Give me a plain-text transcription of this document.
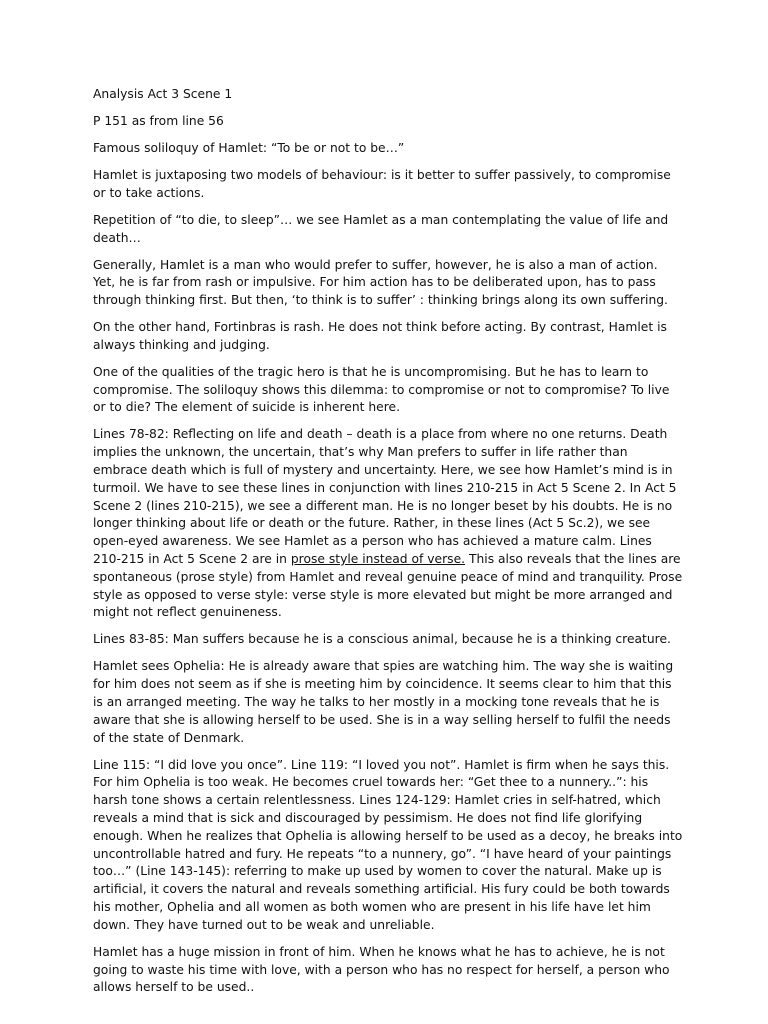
Analysis Act 3 Scene 1

P 151 as from line 56

Famous soliloquy of Hamlet: “To be or not to be…”

Hamlet is juxtaposing two models of behaviour: is it better to suffer passively, to compromise or to take actions.

Repetition of “to die, to sleep”… we see Hamlet as a man contemplating the value of life and death…

Generally, Hamlet is a man who would prefer to suffer, however, he is also a man of action. Yet, he is far from rash or impulsive. For him action has to be deliberated upon, has to pass through thinking first. But then, ‘to think is to suffer’ : thinking brings along its own suffering.

On the other hand, Fortinbras is rash. He does not think before acting. By contrast, Hamlet is always thinking and judging.

One of the qualities of the tragic hero is that he is uncompromising. But he has to learn to compromise. The soliloquy shows this dilemma: to compromise or not to compromise? To live or to die? The element of suicide is inherent here.

Lines 78-82: Reflecting on life and death – death is a place from where no one returns. Death implies the unknown, the uncertain, that’s why Man prefers to suffer in life rather than embrace death which is full of mystery and uncertainty. Here, we see how Hamlet’s mind is in turmoil. We have to see these lines in conjunction with lines 210-215 in Act 5 Scene 2. In Act 5 Scene 2 (lines 210-215), we see a different man. He is no longer beset by his doubts. He is no longer thinking about life or death or the future. Rather, in these lines (Act 5 Sc.2), we see open-eyed awareness. We see Hamlet as a person who has achieved a mature calm. Lines 210-215 in Act 5 Scene 2 are in prose style instead of verse. This also reveals that the lines are spontaneous (prose style) from Hamlet and reveal genuine peace of mind and tranquility. Prose style as opposed to verse style: verse style is more elevated but might be more arranged and might not reflect genuineness.

Lines 83-85: Man suffers because he is a conscious animal, because he is a thinking creature.

Hamlet sees Ophelia: He is already aware that spies are watching him. The way she is waiting for him does not seem as if she is meeting him by coincidence. It seems clear to him that this is an arranged meeting. The way he talks to her mostly in a mocking tone reveals that he is aware that she is allowing herself to be used. She is in a way selling herself to fulfil the needs of the state of Denmark.

Line 115: “I did love you once”. Line 119: “I loved you not”. Hamlet is firm when he says this. For him Ophelia is too weak. He becomes cruel towards her: “Get thee to a nunnery..”: his harsh tone shows a certain relentlessness. Lines 124-129: Hamlet cries in self-hatred, which reveals a mind that is sick and discouraged by pessimism. He does not find life glorifying enough. When he realizes that Ophelia is allowing herself to be used as a decoy, he breaks into uncontrollable hatred and fury. He repeats “to a nunnery, go”. “I have heard of your paintings too…” (Line 143-145): referring to make up used by women to cover the natural. Make up is artificial, it covers the natural and reveals something artificial. His fury could be both towards his mother, Ophelia and all women as both women who are present in his life have let him down. They have turned out to be weak and unreliable.

Hamlet has a huge mission in front of him. When he knows what he has to achieve, he is not going to waste his time with love, with a person who has no respect for herself, a person who allows herself to be used..
